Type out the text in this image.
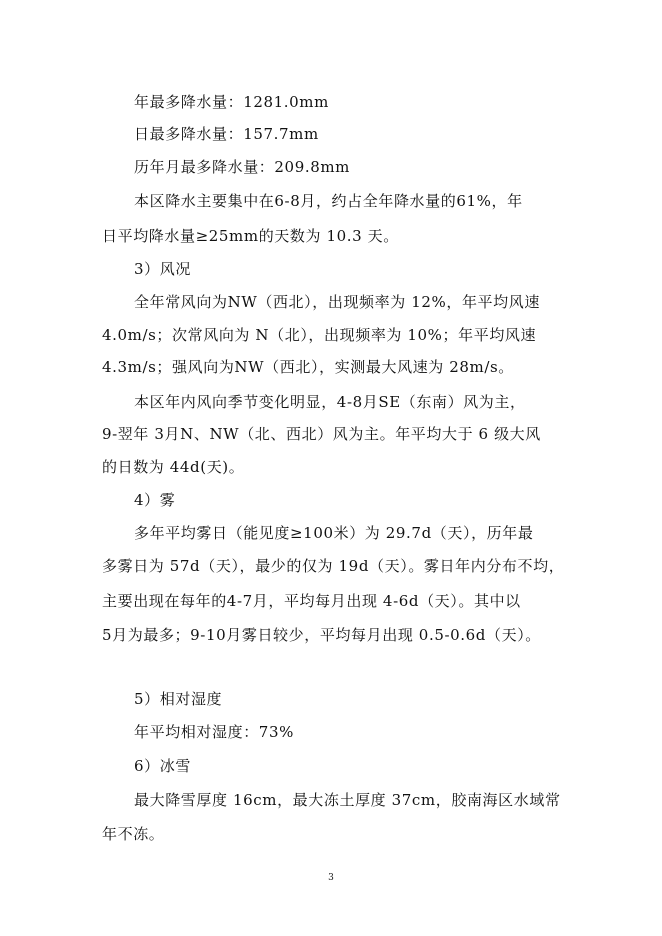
年最多降水量：1281.0mm
日最多降水量：157.7mm
历年月最多降水量：209.8mm
本区降水主要集中在6-8月，约占全年降水量的61%，年
日平均降水量≥25mm的天数为 10.3 天。
3）风况
全年常风向为NW（西北），出现频率为 12%，年平均风速
4.0m/s；次常风向为 N（北），出现频率为 10%；年平均风速
4.3m/s；强风向为NW（西北），实测最大风速为 28m/s。
本区年内风向季节变化明显，4-8月SE（东南）风为主，
9-翌年 3月N、NW（北、西北）风为主。年平均大于 6 级大风
的日数为 44d(天)。
4）雾
多年平均雾日（能见度≥100米）为 29.7d（天），历年最
多雾日为 57d（天），最少的仅为 19d（天）。雾日年内分布不均，
主要出现在每年的4-7月，平均每月出现 4-6d（天）。其中以
5月为最多；9-10月雾日较少，平均每月出现 0.5-0.6d（天）。
5）相对湿度
年平均相对湿度：73%
6）冰雪
最大降雪厚度 16cm，最大冻土厚度 37cm，胶南海区水域常
年不冻。
3
